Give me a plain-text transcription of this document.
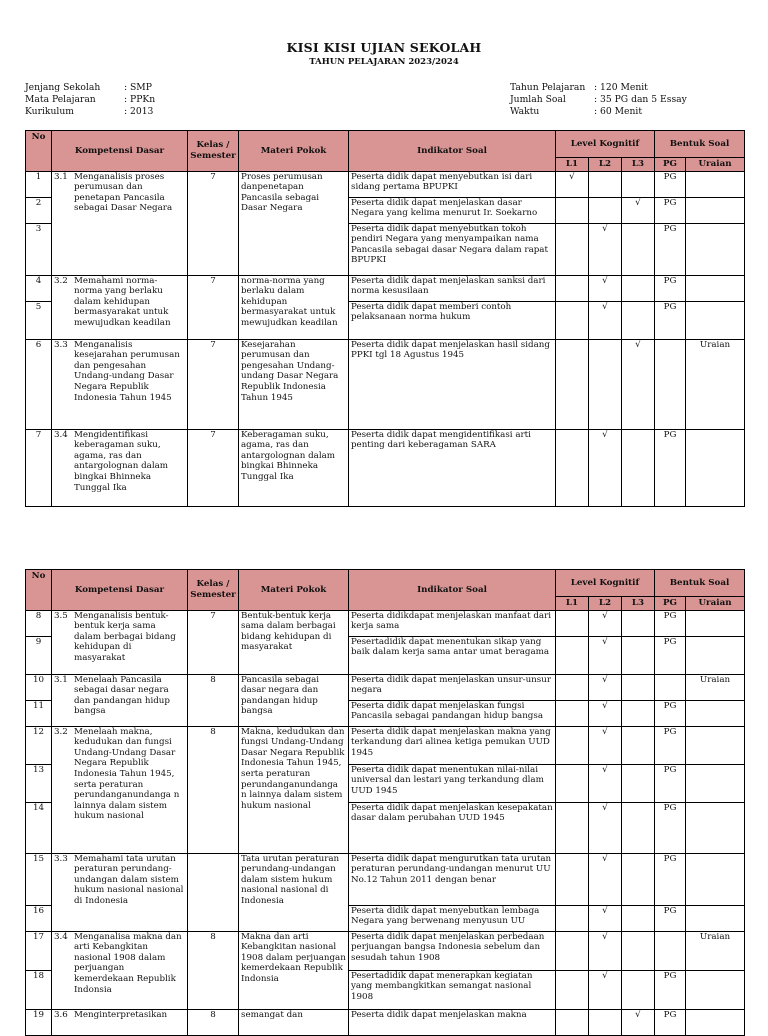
KISI KISI UJIAN SEKOLAH
TAHUN PELAJARAN 2023/2024
Jenjang Sekolah	: SMP
Mata Pelajaran	: PPKn
Kurikulum	: 2013
Tahun Pelajaran : 120 Menit
Jumlah Soal	: 35 PG dan 5 Essay
Waktu	: 60 Menit
No	Kompetensi Dasar	Kelas / Semester	Materi Pokok	Indikator Soal	Level Kognitif			Bentuk Soal	
					L1	L2	L3	PG	Uraian
1	3.1 Menganalisis proses perumusan dan penetapan Pancasila sebagai Dasar Negara	7	Proses perumusan danpenetapan Pancasila sebagai Dasar Negara	Peserta didik dapat menyebutkan isi dari sidang pertama BPUPKI	√			PG	
2				Peserta didik dapat menjelaskan dasar Negara yang kelima menurut Ir. Soekarno			√	PG	
3				Peserta didik dapat menyebutkan tokoh pendiri Negara yang menyampaikan nama Pancasila sebagai dasar Negara dalam rapat BPUPKI		√		PG	
4	3.2 Memahami norma-norma yang berlaku dalam kehidupan bermasyarakat untuk mewujudkan keadilan	7	norma-norma yang berlaku dalam kehidupan bermasyarakat untuk mewujudkan keadilan	Peserta didik dapat menjelaskan sanksi dari norma kesusilaan		√		PG	
5				Peserta didik dapat memberi contoh pelaksanaan norma hukum		√		PG	
6	3.3 Menganalisis kesejarahan perumusan dan pengesahan Undang-undang Dasar Negara Republik Indonesia Tahun 1945	7	Kesejarahan perumusan dan pengesahan Undang-undang Dasar Negara Republik Indonesia Tahun 1945	Peserta didik dapat menjelaskan hasil sidang PPKI tgl 18 Agustus 1945			√		Uraian
7	3.4 Mengidentifikasi keberagaman suku, agama, ras dan antargolognan dalam bingkai Bhinneka Tunggal Ika	7	Keberagaman suku, agama, ras dan antargolognan dalam bingkai Bhinneka Tunggal Ika	Peserta didik dapat mengidentifikasi arti penting dari keberagaman SARA		√		PG	
No	Kompetensi Dasar	Kelas / Semester	Materi Pokok	Indikator Soal	Level Kognitif			Bentuk Soal	
					L1	L2	L3	PG	Uraian
8	3.5 Menganalisis bentuk-bentuk kerja sama dalam berbagai bidang kehidupan di masyarakat	7	Bentuk-bentuk kerja sama dalam berbagai bidang kehidupan di masyarakat	Peserta didikdapat menjelaskan manfaat dari kerja sama		√		PG	
9				Pesertadidik dapat menentukan sikap yang baik dalam kerja sama antar umat beragama		√		PG	
10	3.1 Menelaah Pancasila sebagai dasar negara dan pandangan hidup bangsa	8	Pancasila sebagai dasar negara dan pandangan hidup bangsa	Peserta didik dapat menjelaskan unsur-unsur negara		√			Uraian
11				Peserta didik dapat menjelaskan fungsi Pancasila sebagai pandangan hidup bangsa		√		PG	
12	3.2 Menelaah makna, kedudukan dan fungsi Undang-Undang Dasar Negara Republik Indonesia Tahun 1945, serta peraturan perundanganundanga n lainnya dalam sistem hukum nasional	8	Makna, kedudukan dan fungsi Undang-Undang Dasar Negara Republik Indonesia Tahun 1945, serta peraturan perundanganundanga n lainnya dalam sistem hukum nasional	Peserta didik dapat menjelaskan makna yang terkandung dari alinea ketiga pemukan UUD 1945		√		PG	
13				Peserta didik dapat menentukan nilai-nilai universal dan lestari yang terkandung dlam UUD 1945		√		PG	
14				Peserta didik dapat menjelaskan kesepakatan dasar dalam perubahan UUD 1945		√		PG	
15	3.3 Memahami tata urutan peraturan perundang-undangan dalam sistem hukum nasional nasional di Indonesia		Tata urutan peraturan perundang-undangan dalam sistem hukum nasional nasional di Indonesia	Peserta didik dapat mengurutkan tata urutan peraturan perundang-undangan menurut UU No.12 Tahun 2011 dengan benar		√		PG	
16				Peserta didik dapat menyebutkan lembaga Negara yang berwenang menyusun UU		√		PG	
17	3.4 Menganalisa makna dan arti Kebangkitan nasional 1908 dalam perjuangan kemerdekaan Republik Indonsia	8	Makna dan arti Kebangkitan nasional 1908 dalam perjuangan kemerdekaan Republik Indonsia	Peserta didik dapat menjelaskan perbedaan perjuangan bangsa Indonesia sebelum dan sesudah tahun 1908		√			Uraian
18				Pesertadidik dapat menerapkan kegiatan yang membangkitkan semangat nasional 1908		√		PG	
19	3.6 Menginterpretasikan	8	semangat dan	Peserta didik dapat menjelaskan makna			√	PG	
